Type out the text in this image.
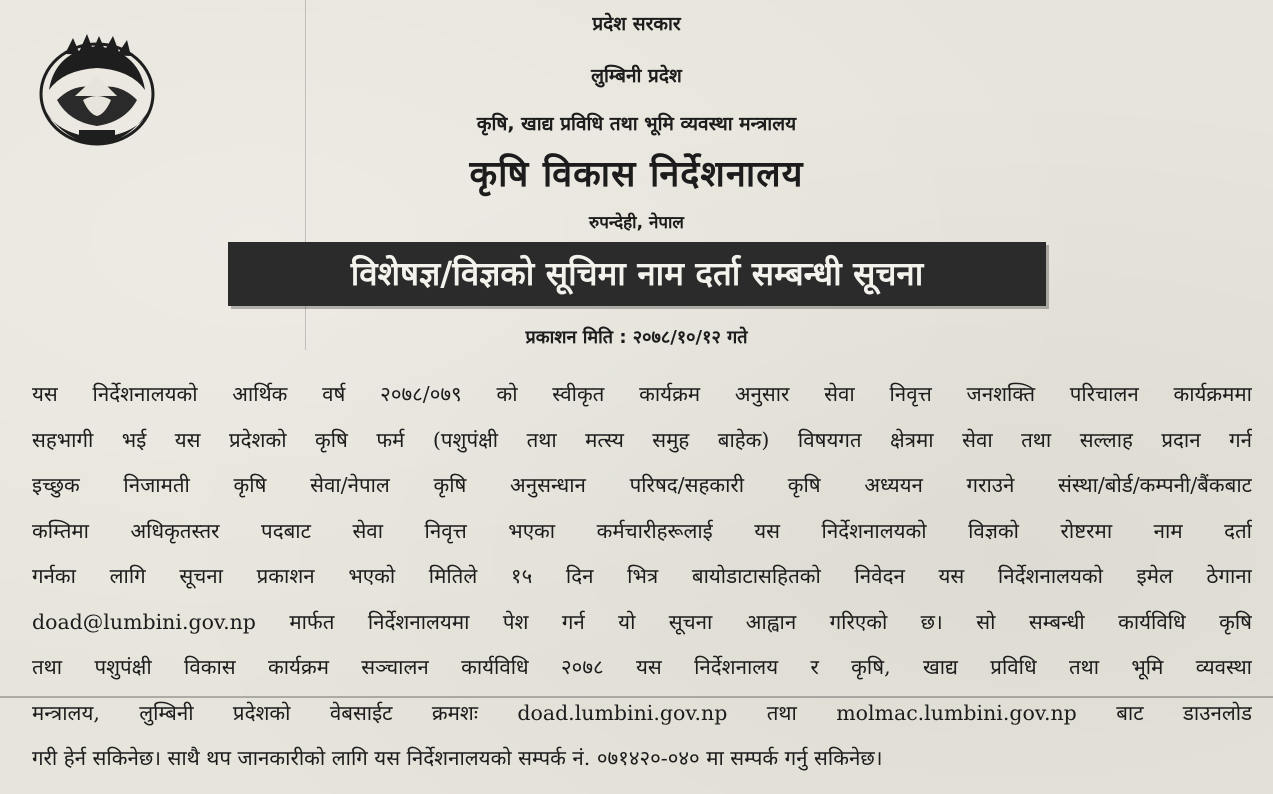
प्रदेश सरकार
लुम्बिनी प्रदेश
कृषि, खाद्य प्रविधि तथा भूमि व्यवस्था मन्त्रालय
कृषि विकास निर्देशनालय
रुपन्देही, नेपाल
विशेषज्ञ/विज्ञको सूचिमा नाम दर्ता सम्बन्धी सूचना
प्रकाशन मिति : २०७८/१०/१२ गते
यस निर्देशनालयको आर्थिक वर्ष २०७८/०७९ को स्वीकृत कार्यक्रम अनुसार सेवा निवृत्त जनशक्ति परिचालन कार्यक्रममा
सहभागी भई यस प्रदेशको कृषि फर्म (पशुपंक्षी तथा मत्स्य समुह बाहेक) विषयगत क्षेत्रमा सेवा तथा सल्लाह प्रदान गर्न
इच्छुक निजामती कृषि सेवा/नेपाल कृषि अनुसन्धान परिषद/सहकारी कृषि अध्ययन गराउने संस्था/बोर्ड/कम्पनी/बैंकबाट
कम्तिमा अधिकृतस्तर पदबाट सेवा निवृत्त भएका कर्मचारीहरूलाई यस निर्देशनालयको विज्ञको रोष्टरमा नाम दर्ता
गर्नका लागि सूचना प्रकाशन भएको मितिले १५ दिन भित्र बायोडाटासहितको निवेदन यस निर्देशनालयको इमेल ठेगाना
doad@lumbini.gov.np मार्फत निर्देशनालयमा पेश गर्न यो सूचना आह्वान गरिएको छ। सो सम्बन्धी कार्यविधि कृषि
तथा पशुपंक्षी विकास कार्यक्रम सञ्चालन कार्यविधि २०७८ यस निर्देशनालय र कृषि, खाद्य प्रविधि तथा भूमि व्यवस्था
मन्त्रालय, लुम्बिनी प्रदेशको वेबसाईट क्रमशः doad.lumbini.gov.np तथा molmac.lumbini.gov.np बाट डाउनलोड
गरी हेर्न सकिनेछ। साथै थप जानकारीको लागि यस निर्देशनालयको सम्पर्क नं. ०७१४२०-०४० मा सम्पर्क गर्नु सकिनेछ।
